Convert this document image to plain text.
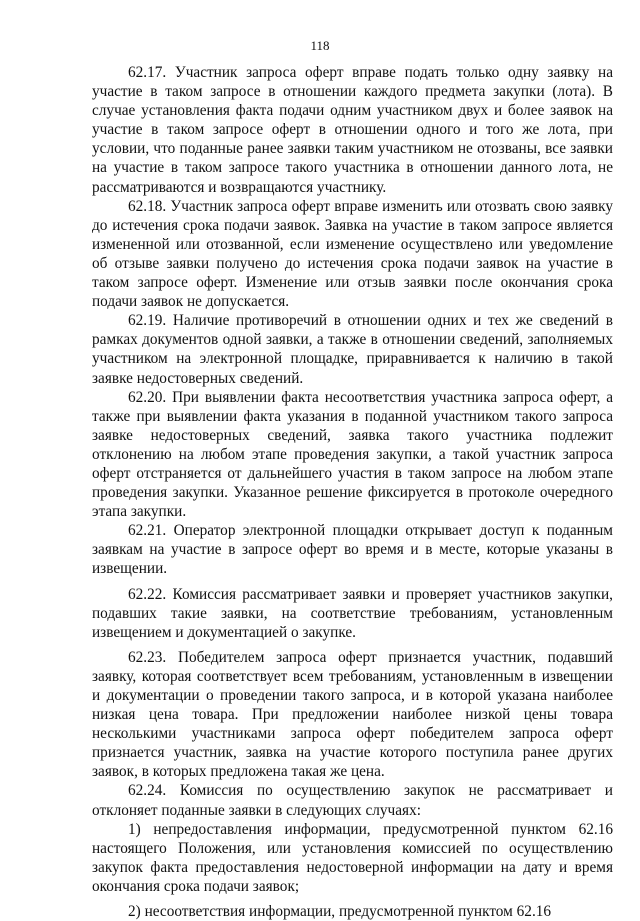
118

62.17. Участник запроса оферт вправе подать только одну заявку на участие в таком запросе в отношении каждого предмета закупки (лота). В случае установления факта подачи одним участником двух и более заявок на участие в таком запросе оферт в отношении одного и того же лота, при условии, что поданные ранее заявки таким участником не отозваны, все заявки на участие в таком запросе такого участника в отношении данного лота, не рассматриваются и возвращаются участнику.

62.18. Участник запроса оферт вправе изменить или отозвать свою заявку до истечения срока подачи заявок. Заявка на участие в таком запросе является измененной или отозванной, если изменение осуществлено или уведомление об отзыве заявки получено до истечения срока подачи заявок на участие в таком запросе оферт. Изменение или отзыв заявки после окончания срока подачи заявок не допускается.

62.19. Наличие противоречий в отношении одних и тех же сведений в рамках документов одной заявки, а также в отношении сведений, заполняемых участником на электронной площадке, приравнивается к наличию в такой заявке недостоверных сведений.

62.20. При выявлении факта несоответствия участника запроса оферт, а также при выявлении факта указания в поданной участником такого запроса заявке недостоверных сведений, заявка такого участника подлежит отклонению на любом этапе проведения закупки, а такой участник запроса оферт отстраняется от дальнейшего участия в таком запросе на любом этапе проведения закупки. Указанное решение фиксируется в протоколе очередного этапа закупки.

62.21. Оператор электронной площадки открывает доступ к поданным заявкам на участие в запросе оферт во время и в месте, которые указаны в извещении.

62.22. Комиссия рассматривает заявки и проверяет участников закупки, подавших такие заявки, на соответствие требованиям, установленным извещением и документацией о закупке.

62.23. Победителем запроса оферт признается участник, подавший заявку, которая соответствует всем требованиям, установленным в извещении и документации о проведении такого запроса, и в которой указана наиболее низкая цена товара. При предложении наиболее низкой цены товара несколькими участниками запроса оферт победителем запроса оферт признается участник, заявка на участие которого поступила ранее других заявок, в которых предложена такая же цена.

62.24. Комиссия по осуществлению закупок не рассматривает и отклоняет поданные заявки в следующих случаях:

1) непредоставления информации, предусмотренной пунктом 62.16 настоящего Положения, или установления комиссией по осуществлению закупок факта предоставления недостоверной информации на дату и время окончания срока подачи заявок;

2) несоответствия информации, предусмотренной пунктом 62.16
